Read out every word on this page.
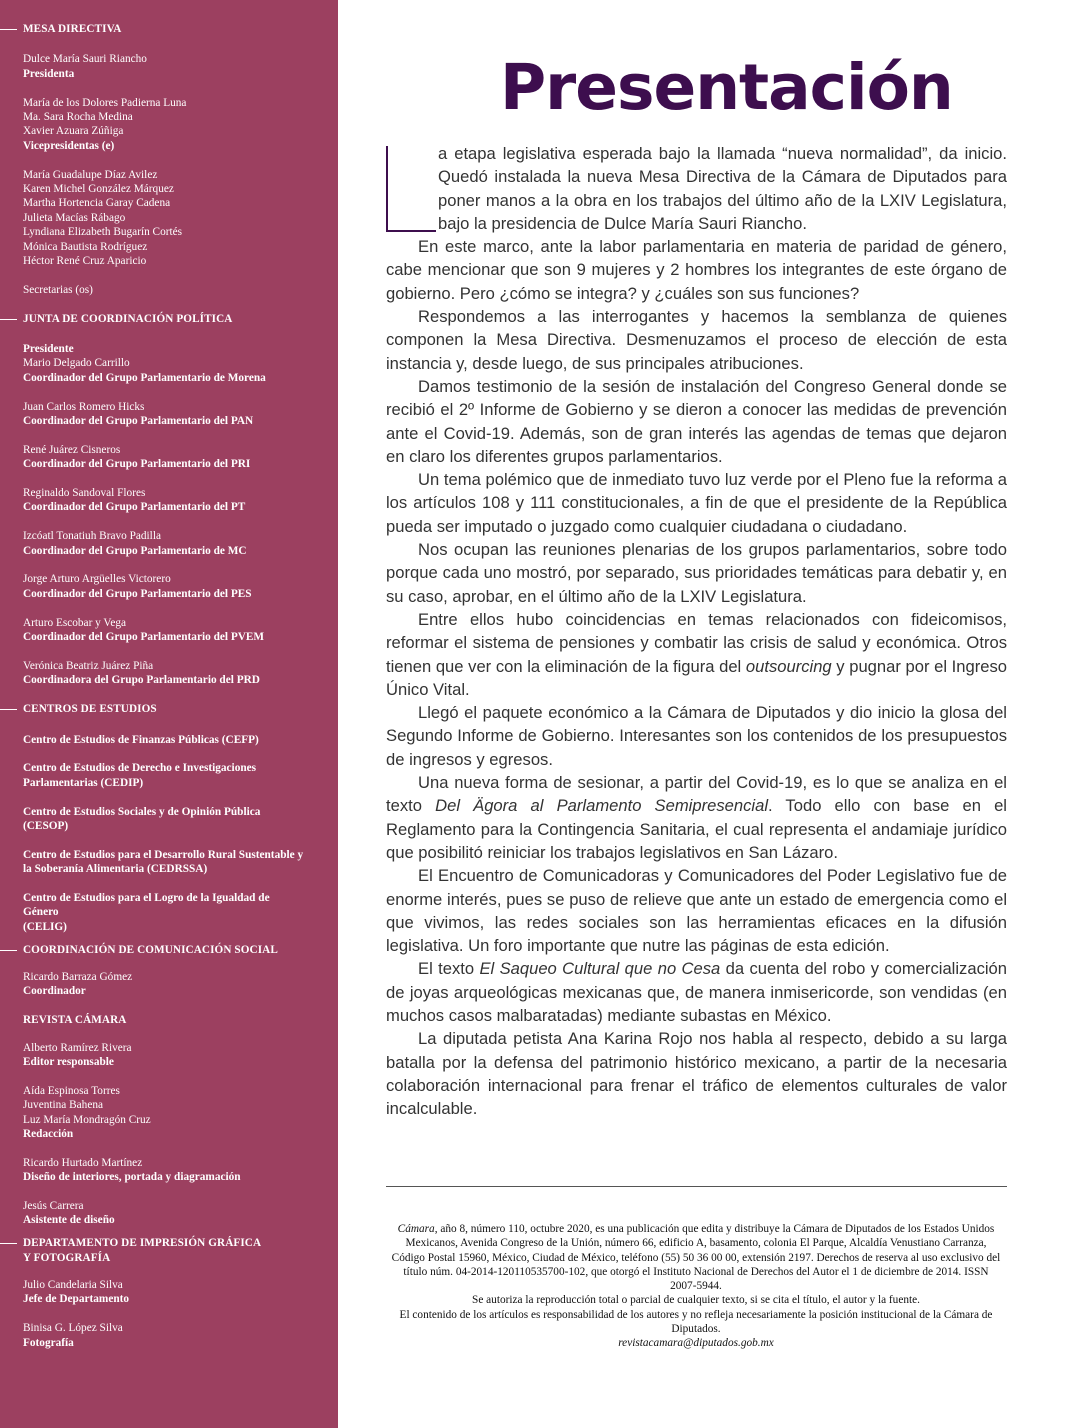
MESA DIRECTIVA
Dulce María Sauri Riancho
Presidenta
María de los Dolores Padierna Luna
Ma. Sara Rocha Medina
Xavier Azuara Zúñiga
Vicepresidentas (e)
María Guadalupe Díaz Avilez
Karen Michel González Márquez
Martha Hortencia Garay Cadena
Julieta Macías Rábago
Lyndiana Elizabeth Bugarín Cortés
Mónica Bautista Rodríguez
Héctor René Cruz Aparicio
Secretarias (os)
JUNTA DE COORDINACIÓN POLÍTICA
Presidente
Mario Delgado Carrillo
Coordinador del Grupo Parlamentario de Morena
Juan Carlos Romero Hicks
Coordinador del Grupo Parlamentario del PAN
René Juárez Cisneros
Coordinador del Grupo Parlamentario del PRI
Reginaldo Sandoval Flores
Coordinador del Grupo Parlamentario del PT
Izcóatl Tonatiuh Bravo Padilla
Coordinador del Grupo Parlamentario de MC
Jorge Arturo Argüelles Victorero
Coordinador del Grupo Parlamentario del PES
Arturo Escobar y Vega
Coordinador del Grupo Parlamentario del PVEM
Verónica Beatriz Juárez Piña
Coordinadora del Grupo Parlamentario del PRD
CENTROS DE ESTUDIOS
Centro de Estudios de Finanzas Públicas (CEFP)
Centro de Estudios de Derecho e Investigaciones
Parlamentarias (CEDIP)
Centro de Estudios Sociales y de Opinión Pública
(CESOP)
Centro de Estudios para el Desarrollo Rural Sustentable y
la Soberanía Alimentaria (CEDRSSA)
Centro de Estudios para el Logro de la Igualdad de
Género
(CELIG)
COORDINACIÓN DE COMUNICACIÓN SOCIAL
Ricardo Barraza Gómez
Coordinador
REVISTA CÁMARA
Alberto Ramírez Rivera
Editor responsable
Aída Espinosa Torres
Juventina Bahena
Luz María Mondragón Cruz
Redacción
Ricardo Hurtado Martínez
Diseño de interiores, portada y diagramación
Jesús Carrera
Asistente de diseño
DEPARTAMENTO DE IMPRESIÓN GRÁFICA
Y FOTOGRAFÍA
Julio Candelaria Silva
Jefe de Departamento
Binisa G. López Silva
Fotografía
Presentación

a etapa legislativa esperada bajo la llamada “nueva normalidad”, da inicio. Quedó instalada la nueva Mesa Directiva de la Cámara de Diputados para poner manos a la obra en los trabajos del último año de la LXIV Legislatura, bajo la presidencia de Dulce María Sauri Riancho.

En este marco, ante la labor parlamentaria en materia de paridad de género, cabe mencionar que son 9 mujeres y 2 hombres los integrantes de este órgano de gobierno. Pero ¿cómo se integra? y ¿cuáles son sus funciones?

Respondemos a las interrogantes y hacemos la semblanza de quienes componen la Mesa Directiva. Desmenuzamos el proceso de elección de esta instancia y, desde luego, de sus principales atribuciones.

Damos testimonio de la sesión de instalación del Congreso General donde se recibió el 2º Informe de Gobierno y se dieron a conocer las medidas de prevención ante el Covid-19. Además, son de gran interés las agendas de temas que dejaron en claro los diferentes grupos parlamentarios.

Un tema polémico que de inmediato tuvo luz verde por el Pleno fue la reforma a los artículos 108 y 111 constitucionales, a fin de que el presidente de la República pueda ser imputado o juzgado como cualquier ciudadana o ciudadano.

Nos ocupan las reuniones plenarias de los grupos parlamentarios, sobre todo porque cada uno mostró, por separado, sus prioridades temáticas para debatir y, en su caso, aprobar, en el último año de la LXIV Legislatura.

Entre ellos hubo coincidencias en temas relacionados con fideicomisos, reformar el sistema de pensiones y combatir las crisis de salud y económica. Otros tienen que ver con la eliminación de la figura del outsourcing y pugnar por el Ingreso Único Vital.

Llegó el paquete económico a la Cámara de Diputados y dio inicio la glosa del Segundo Informe de Gobierno. Interesantes son los contenidos de los presupuestos de ingresos y egresos.

Una nueva forma de sesionar, a partir del Covid-19, es lo que se analiza en el texto Del Ägora al Parlamento Semipresencial. Todo ello con base en el Reglamento para la Contingencia Sanitaria, el cual representa el andamiaje jurídico que posibilitó reiniciar los trabajos legislativos en San Lázaro.

El Encuentro de Comunicadoras y Comunicadores del Poder Legislativo fue de enorme interés, pues se puso de relieve que ante un estado de emergencia como el que vivimos, las redes sociales son las herramientas eficaces en la difusión legislativa. Un foro importante que nutre las páginas de esta edición.

El texto El Saqueo Cultural que no Cesa da cuenta del robo y comercialización de joyas arqueológicas mexicanas que, de manera inmisericorde, son vendidas (en muchos casos malbaratadas) mediante subastas en México.

La diputada petista Ana Karina Rojo nos habla al respecto, debido a su larga batalla por la defensa del patrimonio histórico mexicano, a partir de la necesaria colaboración internacional para frenar el tráfico de elementos culturales de valor incalculable.

Cámara, año 8, número 110, octubre 2020, es una publicación que edita y distribuye la Cámara de Diputados de los Estados Unidos Mexicanos, Avenida Congreso de la Unión, número 66, edificio A, basamento, colonia El Parque, Alcaldía Venustiano Carranza, Código Postal 15960, México, Ciudad de México, teléfono (55) 50 36 00 00, extensión 2197. Derechos de reserva al uso exclusivo del título núm. 04-2014-120110535700-102, que otorgó el Instituto Nacional de Derechos del Autor el 1 de diciembre de 2014. ISSN 2007-5944.
Se autoriza la reproducción total o parcial de cualquier texto, si se cita el título, el autor y la fuente.
El contenido de los artículos es responsabilidad de los autores y no refleja necesariamente la posición institucional de la Cámara de Diputados.
revistacamara@diputados.gob.mx
